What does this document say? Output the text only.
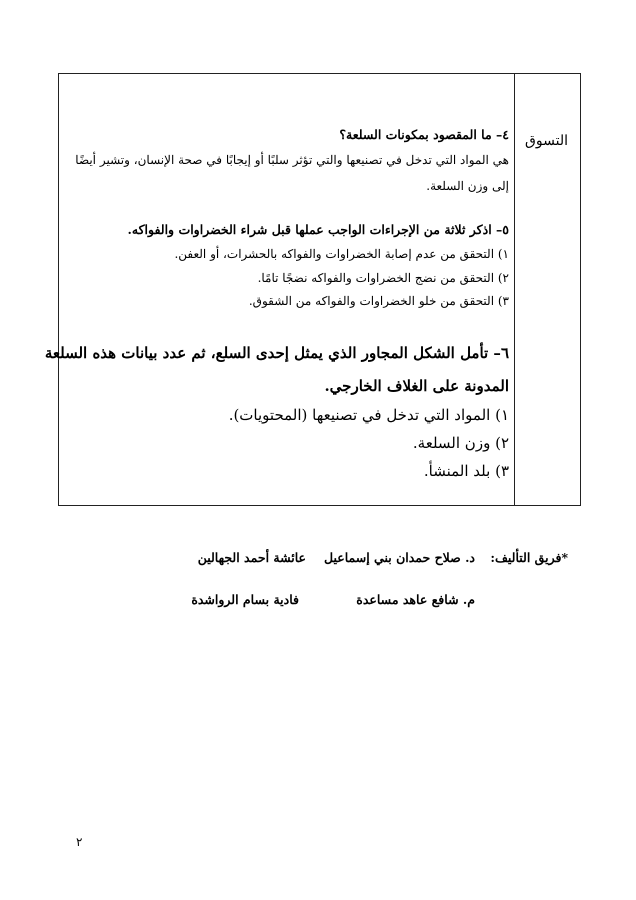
التسوق
٤– ما المقصود بمكونات السلعة؟
هي المواد التي تدخل في تصنيعها والتي تؤثر سلبًا أو إيجابًا في صحة الإنسان، وتشير أيضًا
إلى وزن السلعة.
٥– اذكر ثلاثة من الإجراءات الواجب عملها قبل شراء الخضراوات والفواكه.
١) التحقق من عدم إصابة الخضراوات والفواكه بالحشرات، أو العفن.
٢) التحقق من نضج الخضراوات والفواكه نضجًا تامًا.
٣) التحقق من خلو الخضراوات والفواكه من الشقوق.
٦– تأمل الشكل المجاور الذي يمثل إحدى السلع، ثم عدد بيانات هذه السلعة
المدونة على الغلاف الخارجي.
١) المواد التي تدخل في تصنيعها (المحتويات).
٢) وزن السلعة.
٣) بلد المنشأ.
*فريق التأليف:
د. صلاح حمدان بني إسماعيل
عائشة أحمد الجهالين
م. شافع عاهد مساعدة
فادية بسام الرواشدة
٢
